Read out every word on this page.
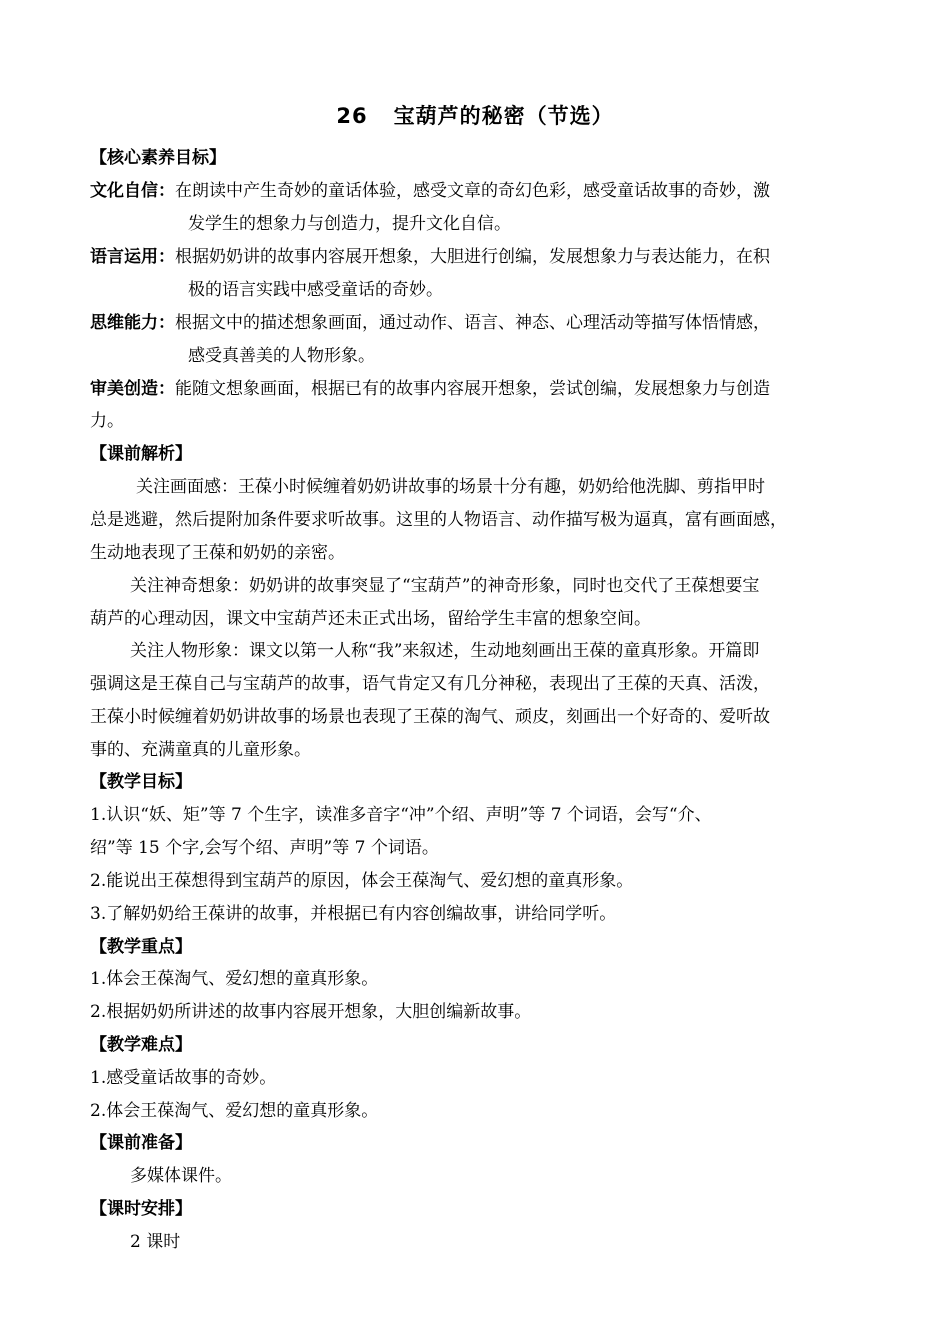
26 宝葫芦的秘密（节选）
【核心素养目标】
文化自信：在朗读中产生奇妙的童话体验，感受文章的奇幻色彩，感受童话故事的奇妙，激
发学生的想象力与创造力，提升文化自信。
语言运用：根据奶奶讲的故事内容展开想象，大胆进行创编，发展想象力与表达能力，在积
极的语言实践中感受童话的奇妙。
思维能力：根据文中的描述想象画面，通过动作、语言、神态、心理活动等描写体悟情感，
感受真善美的人物形象。
审美创造：能随文想象画面，根据已有的故事内容展开想象，尝试创编，发展想象力与创造
力。
【课前解析】
关注画面感：王葆小时候缠着奶奶讲故事的场景十分有趣，奶奶给他洗脚、剪指甲时
总是逃避，然后提附加条件要求听故事。这里的人物语言、动作描写极为逼真，富有画面感，
生动地表现了王葆和奶奶的亲密。
关注神奇想象：奶奶讲的故事突显了“宝葫芦”的神奇形象，同时也交代了王葆想要宝
葫芦的心理动因，课文中宝葫芦还未正式出场，留给学生丰富的想象空间。
关注人物形象：课文以第一人称“我”来叙述，生动地刻画出王葆的童真形象。开篇即
强调这是王葆自己与宝葫芦的故事，语气肯定又有几分神秘，表现出了王葆的天真、活泼，
王葆小时候缠着奶奶讲故事的场景也表现了王葆的淘气、顽皮，刻画出一个好奇的、爱听故
事的、充满童真的儿童形象。
【教学目标】
1.认识“妖、矩”等 7 个生字，读准多音字“冲”个绍、声明”等 7 个词语，会写“介、
绍”等 15 个字,会写个绍、声明”等 7 个词语。
2.能说出王葆想得到宝葫芦的原因，体会王葆淘气、爱幻想的童真形象。
3.了解奶奶给王葆讲的故事，并根据已有内容创编故事，讲给同学听。
【教学重点】
1.体会王葆淘气、爱幻想的童真形象。
2.根据奶奶所讲述的故事内容展开想象，大胆创编新故事。
【教学难点】
1.感受童话故事的奇妙。
2.体会王葆淘气、爱幻想的童真形象。
【课前准备】
多媒体课件。
【课时安排】
2 课时
